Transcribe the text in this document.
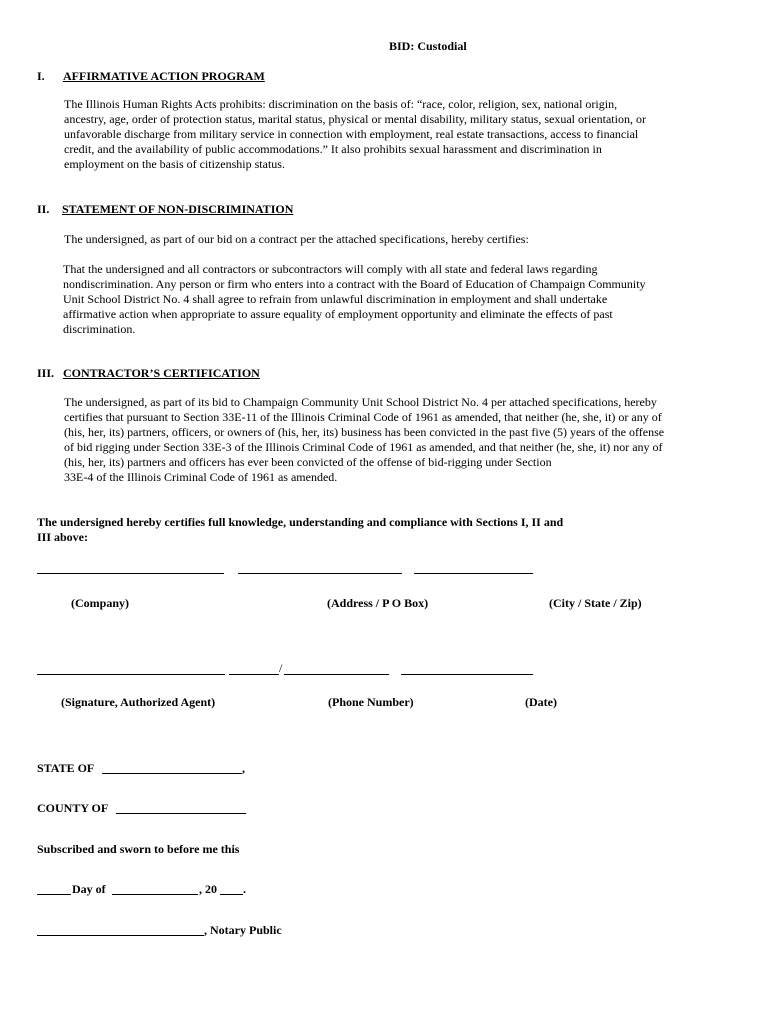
BID: Custodial
I. AFFIRMATIVE ACTION PROGRAM
The Illinois Human Rights Acts prohibits: discrimination on the basis of: “race, color, religion, sex, national origin,
ancestry, age, order of protection status, marital status, physical or mental disability, military status, sexual orientation, or
unfavorable discharge from military service in connection with employment, real estate transactions, access to financial
credit, and the availability of public accommodations.” It also prohibits sexual harassment and discrimination in
employment on the basis of citizenship status.
II. STATEMENT OF NON-DISCRIMINATION
The undersigned, as part of our bid on a contract per the attached specifications, hereby certifies:
That the undersigned and all contractors or subcontractors will comply with all state and federal laws regarding
nondiscrimination. Any person or firm who enters into a contract with the Board of Education of Champaign Community
Unit School District No. 4 shall agree to refrain from unlawful discrimination in employment and shall undertake
affirmative action when appropriate to assure equality of employment opportunity and eliminate the effects of past
discrimination.
III. CONTRACTOR’S CERTIFICATION
The undersigned, as part of its bid to Champaign Community Unit School District No. 4 per attached specifications, hereby
certifies that pursuant to Section 33E-11 of the Illinois Criminal Code of 1961 as amended, that neither (he, she, it) or any of
(his, her, its) partners, officers, or owners of (his, her, its) business has been convicted in the past five (5) years of the offense
of bid rigging under Section 33E-3 of the Illinois Criminal Code of 1961 as amended, and that neither (he, she, it) nor any of
(his, her, its) partners and officers has ever been convicted of the offense of bid-rigging under Section
33E-4 of the Illinois Criminal Code of 1961 as amended.
The undersigned hereby certifies full knowledge, understanding and compliance with Sections I, II and
III above:
(Company)	(Address / P O Box)	(City / State / Zip)
/
(Signature, Authorized Agent)	(Phone Number)	(Date)
STATE OF	,
COUNTY OF
Subscribed and sworn to before me this
Day of	, 20 .
, Notary Public
